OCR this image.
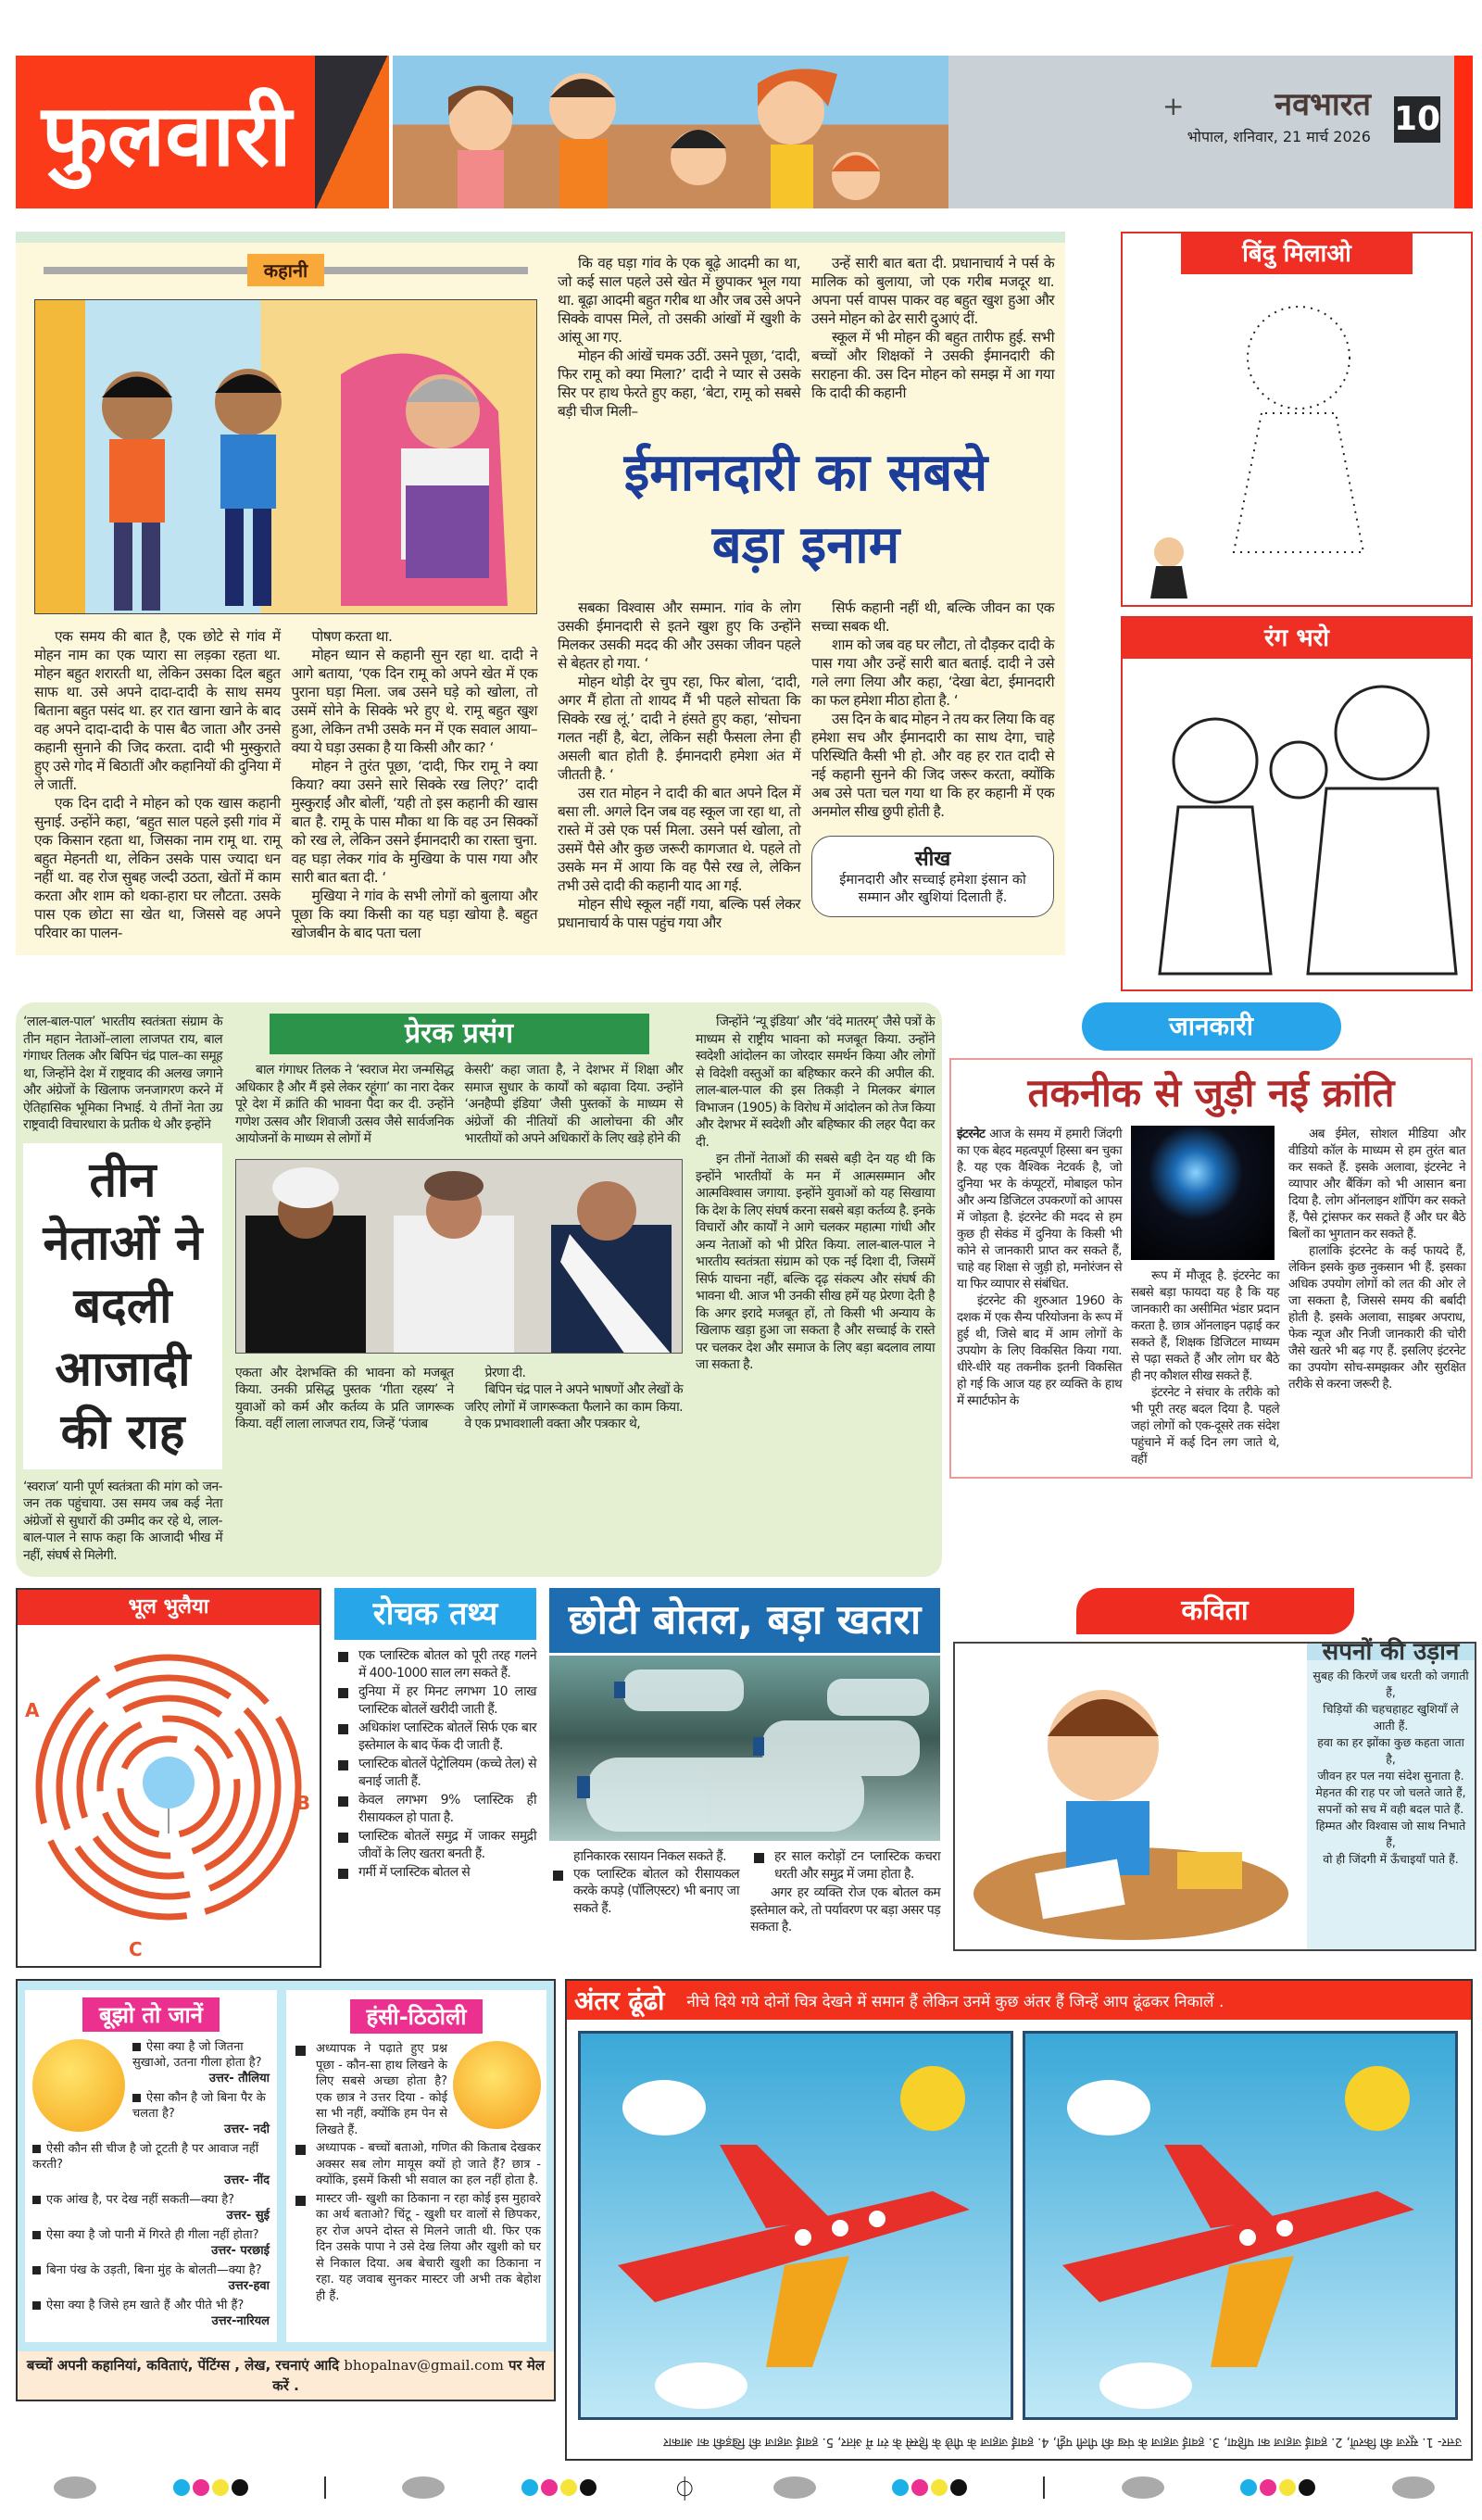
फुलवारी	+	नवभारत
भोपाल, शनिवार, 21 मार्च 2026 10
कहानी

एक समय की बात है, एक छोटे से गांव में मोहन नाम का एक प्यारा सा लड़का रहता था. मोहन बहुत शरारती था, लेकिन उसका दिल बहुत साफ था. उसे अपने दादा-दादी के साथ समय बिताना बहुत पसंद था. हर रात खाना खाने के बाद वह अपने दादा-दादी के पास बैठ जाता और उनसे कहानी सुनाने की जिद करता. दादी भी मुस्कुराते हुए उसे गोद में बिठातीं और कहानियों की दुनिया में ले जातीं.

एक दिन दादी ने मोहन को एक खास कहानी सुनाई. उन्होंने कहा, ‘बहुत साल पहले इसी गांव में एक किसान रहता था, जिसका नाम रामू था. रामू बहुत मेहनती था, लेकिन उसके पास ज्यादा धन नहीं था. वह रोज सुबह जल्दी उठता, खेतों में काम करता और शाम को थका-हारा घर लौटता. उसके पास एक छोटा सा खेत था, जिससे वह अपने परिवार का पालन-

पोषण करता था.

मोहन ध्यान से कहानी सुन रहा था. दादी ने आगे बताया, ‘एक दिन रामू को अपने खेत में एक पुराना घड़ा मिला. जब उसने घड़े को खोला, तो उसमें सोने के सिक्के भरे हुए थे. रामू बहुत खुश हुआ, लेकिन तभी उसके मन में एक सवाल आया–क्या ये घड़ा उसका है या किसी और का? ‘

मोहन ने तुरंत पूछा, ‘दादी, फिर रामू ने क्या किया? क्या उसने सारे सिक्के रख लिए?’ दादी मुस्कुराईं और बोलीं, ‘यही तो इस कहानी की खास बात है. रामू के पास मौका था कि वह उन सिक्कों को रख ले, लेकिन उसने ईमानदारी का रास्ता चुना. वह घड़ा लेकर गांव के मुखिया के पास गया और सारी बात बता दी. ‘

मुखिया ने गांव के सभी लोगों को बुलाया और पूछा कि क्या किसी का यह घड़ा खोया है. बहुत खोजबीन के बाद पता चला

कि वह घड़ा गांव के एक बूढ़े आदमी का था, जो कई साल पहले उसे खेत में छुपाकर भूल गया था. बूढ़ा आदमी बहुत गरीब था और जब उसे अपने सिक्के वापस मिले, तो उसकी आंखों में खुशी के आंसू आ गए.

मोहन की आंखें चमक उठीं. उसने पूछा, ‘दादी, फिर रामू को क्या मिला?’ दादी ने प्यार से उसके सिर पर हाथ फेरते हुए कहा, ‘बेटा, रामू को सबसे बड़ी चीज मिली–

उन्हें सारी बात बता दी. प्रधानाचार्य ने पर्स के मालिक को बुलाया, जो एक गरीब मजदूर था. अपना पर्स वापस पाकर वह बहुत खुश हुआ और उसने मोहन को ढेर सारी दुआएं दीं.

स्कूल में भी मोहन की बहुत तारीफ हुई. सभी बच्चों और शिक्षकों ने उसकी ईमानदारी की सराहना की. उस दिन मोहन को समझ में आ गया कि दादी की कहानी

ईमानदारी का सबसे
बड़ा इनाम

सबका विश्वास और सम्मान. गांव के लोग उसकी ईमानदारी से इतने खुश हुए कि उन्होंने मिलकर उसकी मदद की और उसका जीवन पहले से बेहतर हो गया. ‘

मोहन थोड़ी देर चुप रहा, फिर बोला, ‘दादी, अगर मैं होता तो शायद मैं भी पहले सोचता कि सिक्के रख लूं.’ दादी ने हंसते हुए कहा, ‘सोचना गलत नहीं है, बेटा, लेकिन सही फैसला लेना ही असली बात होती है. ईमानदारी हमेशा अंत में जीतती है. ‘

उस रात मोहन ने दादी की बात अपने दिल में बसा ली. अगले दिन जब वह स्कूल जा रहा था, तो रास्ते में उसे एक पर्स मिला. उसने पर्स खोला, तो उसमें पैसे और कुछ जरूरी कागजात थे. पहले तो उसके मन में आया कि वह पैसे रख ले, लेकिन तभी उसे दादी की कहानी याद आ गई.

मोहन सीधे स्कूल नहीं गया, बल्कि पर्स लेकर प्रधानाचार्य के पास पहुंच गया और

सिर्फ कहानी नहीं थी, बल्कि जीवन का एक सच्चा सबक थी.

शाम को जब वह घर लौटा, तो दौड़कर दादी के पास गया और उन्हें सारी बात बताई. दादी ने उसे गले लगा लिया और कहा, ‘देखा बेटा, ईमानदारी का फल हमेशा मीठा होता है. ‘

उस दिन के बाद मोहन ने तय कर लिया कि वह हमेशा सच और ईमानदारी का साथ देगा, चाहे परिस्थिति कैसी भी हो. और वह हर रात दादी से नई कहानी सुनने की जिद जरूर करता, क्योंकि अब उसे पता चल गया था कि हर कहानी में एक अनमोल सीख छुपी होती है.

सीख

ईमानदारी और सच्चाई हमेशा इंसान को सम्मान और खुशियां दिलाती हैं.

बिंदु मिलाओ
रंग भरो

‘लाल-बाल-पाल’ भारतीय स्वतंत्रता संग्राम के तीन महान नेताओं–लाला लाजपत राय, बाल गंगाधर तिलक और बिपिन चंद्र पाल–का समूह था, जिन्होंने देश में राष्ट्रवाद की अलख जगाने और अंग्रेजों के खिलाफ जनजागरण करने में ऐतिहासिक भूमिका निभाई. ये तीनों नेता उग्र राष्ट्रवादी विचारधारा के प्रतीक थे और इन्होंने

तीन नेताओं ने बदली आजादी की राह

‘स्वराज’ यानी पूर्ण स्वतंत्रता की मांग को जन-जन तक पहुंचाया. उस समय जब कई नेता अंग्रेजों से सुधारों की उम्मीद कर रहे थे, लाल-बाल-पाल ने साफ कहा कि आजादी भीख में नहीं, संघर्ष से मिलेगी.

प्रेरक प्रसंग

बाल गंगाधर तिलक ने ‘स्वराज मेरा जन्मसिद्ध अधिकार है और मैं इसे लेकर रहूंगा’ का नारा देकर पूरे देश में क्रांति की भावना पैदा कर दी. उन्होंने गणेश उत्सव और शिवाजी उत्सव जैसे सार्वजनिक आयोजनों के माध्यम से लोगों में

केसरी’ कहा जाता है, ने देशभर में शिक्षा और समाज सुधार के कार्यों को बढ़ावा दिया. उन्होंने ‘अनहैप्पी इंडिया’ जैसी पुस्तकों के माध्यम से अंग्रेजों की नीतियों की आलोचना की और भारतीयों को अपने अधिकारों के लिए खड़े होने की

एकता और देशभक्ति की भावना को मजबूत किया. उनकी प्रसिद्ध पुस्तक ‘गीता रहस्य’ ने युवाओं को कर्म और कर्तव्य के प्रति जागरूक किया. वहीं लाला लाजपत राय, जिन्हें ‘पंजाब

प्रेरणा दी.

बिपिन चंद्र पाल ने अपने भाषणों और लेखों के जरिए लोगों में जागरूकता फैलाने का काम किया. वे एक प्रभावशाली वक्ता और पत्रकार थे,

जिन्होंने ‘न्यू इंडिया’ और ‘वंदे मातरम्’ जैसे पत्रों के माध्यम से राष्ट्रीय भावना को मजबूत किया. उन्होंने स्वदेशी आंदोलन का जोरदार समर्थन किया और लोगों से विदेशी वस्तुओं का बहिष्कार करने की अपील की. लाल-बाल-पाल की इस तिकड़ी ने मिलकर बंगाल विभाजन (1905) के विरोध में आंदोलन को तेज किया और देशभर में स्वदेशी और बहिष्कार की लहर पैदा कर दी.

इन तीनों नेताओं की सबसे बड़ी देन यह थी कि इन्होंने भारतीयों के मन में आत्मसम्मान और आत्मविश्वास जगाया. इन्होंने युवाओं को यह सिखाया कि देश के लिए संघर्ष करना सबसे बड़ा कर्तव्य है. इनके विचारों और कार्यों ने आगे चलकर महात्मा गांधी और अन्य नेताओं को भी प्रेरित किया. लाल-बाल-पाल ने भारतीय स्वतंत्रता संग्राम को एक नई दिशा दी, जिसमें सिर्फ याचना नहीं, बल्कि दृढ़ संकल्प और संघर्ष की भावना थी. आज भी उनकी सीख हमें यह प्रेरणा देती है कि अगर इरादे मजबूत हों, तो किसी भी अन्याय के खिलाफ खड़ा हुआ जा सकता है और सच्चाई के रास्ते पर चलकर देश और समाज के लिए बड़ा बदलाव लाया जा सकता है.

जानकारी
तकनीक से जुड़ी नई क्रांति
इंटरनेट आज के समय में हमारी जिंदगी का एक बेहद महत्वपूर्ण हिस्सा बन चुका है. यह एक वैश्विक नेटवर्क है, जो दुनिया भर के कंप्यूटरों, मोबाइल फोन और अन्य डिजिटल उपकरणों को आपस में जोड़ता है. इंटरनेट की मदद से हम कुछ ही सेकंड में दुनिया के किसी भी कोने से जानकारी प्राप्त कर सकते हैं, चाहे वह शिक्षा से जुड़ी हो, मनोरंजन से या फिर व्यापार से संबंधित.

इंटरनेट की शुरुआत 1960 के दशक में एक सैन्य परियोजना के रूप में हुई थी, जिसे बाद में आम लोगों के उपयोग के लिए विकसित किया गया. धीरे-धीरे यह तकनीक इतनी विकसित हो गई कि आज यह हर व्यक्ति के हाथ में स्मार्टफोन के

रूप में मौजूद है. इंटरनेट का सबसे बड़ा फायदा यह है कि यह जानकारी का असीमित भंडार प्रदान करता है. छात्र ऑनलाइन पढ़ाई कर सकते हैं, शिक्षक डिजिटल माध्यम से पढ़ा सकते हैं और लोग घर बैठे ही नए कौशल सीख सकते हैं.

इंटरनेट ने संचार के तरीके को भी पूरी तरह बदल दिया है. पहले जहां लोगों को एक-दूसरे तक संदेश पहुंचाने में कई दिन लग जाते थे, वहीं

अब ईमेल, सोशल मीडिया और वीडियो कॉल के माध्यम से हम तुरंत बात कर सकते हैं. इसके अलावा, इंटरनेट ने व्यापार और बैंकिंग को भी आसान बना दिया है. लोग ऑनलाइन शॉपिंग कर सकते हैं, पैसे ट्रांसफर कर सकते हैं और घर बैठे बिलों का भुगतान कर सकते हैं.

हालांकि इंटरनेट के कई फायदे हैं, लेकिन इसके कुछ नुकसान भी हैं. इसका अधिक उपयोग लोगों को लत की ओर ले जा सकता है, जिससे समय की बर्बादी होती है. इसके अलावा, साइबर अपराध, फेक न्यूज और निजी जानकारी की चोरी जैसे खतरे भी बढ़ गए हैं. इसलिए इंटरनेट का उपयोग सोच-समझकर और सुरक्षित तरीके से करना जरूरी है.

भूल भुलैया
A
B
C
रोचक तथ्य
एक प्लास्टिक बोतल को पूरी तरह गलने में 400-1000 साल लग सकते हैं.
दुनिया में हर मिनट लगभग 10 लाख प्लास्टिक बोतलें खरीदी जाती हैं.
अधिकांश प्लास्टिक बोतलें सिर्फ एक बार इस्तेमाल के बाद फेंक दी जाती हैं.
प्लास्टिक बोतलें पेट्रोलियम (कच्चे तेल) से बनाई जाती हैं.
केवल लगभग 9% प्लास्टिक ही रीसायकल हो पाता है.
प्लास्टिक बोतलें समुद्र में जाकर समुद्री जीवों के लिए खतरा बनती हैं.
गर्मी में प्लास्टिक बोतल से
छोटी बोतल, बड़ा खतरा

हानिकारक रसायन निकल सकते हैं.

एक प्लास्टिक बोतल को रीसायकल करके कपड़े (पॉलिएस्टर) भी बनाए जा सकते हैं.
हर साल करोड़ों टन प्लास्टिक कचरा धरती और समुद्र में जमा होता है.

अगर हर व्यक्ति रोज एक बोतल कम इस्तेमाल करे, तो पर्यावरण पर बड़ा असर पड़ सकता है.

कविता
सपनों की उड़ान
सुबह की किरणें जब धरती को जगाती हैं,
चिड़ियों की चहचहाहट खुशियाँ ले आती हैं.
हवा का हर झोंका कुछ कहता जाता है,
जीवन हर पल नया संदेश सुनाता है.
मेहनत की राह पर जो चलते जाते हैं,
सपनों को सच में वही बदल पाते हैं.
हिम्मत और विश्वास जो साथ निभाते हैं,
वो ही जिंदगी में ऊँचाइयाँ पाते हैं.
बूझो तो जानें
ऐसा क्या है जो जितना सुखाओ, उतना गीला होता है?
उत्तर- तौलिया
ऐसा कौन है जो बिना पैर के चलता है?
उत्तर- नदी
ऐसी कौन सी चीज है जो टूटती है पर आवाज नहीं करती?
उत्तर- नींद
एक आंख है, पर देख नहीं सकती—क्या है?
उत्तर- सुई
ऐसा क्या है जो पानी में गिरते ही गीला नहीं होता?
उत्तर- परछाई
बिना पंख के उड़ती, बिना मुंह के बोलती—क्या है?
उत्तर-हवा
ऐसा क्या है जिसे हम खाते हैं और पीते भी हैं?
उत्तर-नारियल
हंसी-ठिठोली
अध्यापक ने पढ़ाते हुए प्रश्न पूछा - कौन-सा हाथ लिखने के लिए सबसे अच्छा होता है? एक छात्र ने उत्तर दिया - कोई सा भी नहीं, क्योंकि हम पेन से लिखते हैं.
अध्यापक - बच्चों बताओ, गणित की किताब देखकर अक्सर सब लोग मायूस क्यों हो जाते हैं? छात्र - क्योंकि, इसमें किसी भी सवाल का हल नहीं होता है.
मास्टर जी- खुशी का ठिकाना न रहा कोई इस मुहावरे का अर्थ बताओ? चिंटू - खुशी घर वालों से छिपकर, हर रोज अपने दोस्त से मिलने जाती थी. फिर एक दिन उसके पापा ने उसे देख लिया और खुशी को घर से निकाल दिया. अब बेचारी खुशी का ठिकाना न रहा. यह जवाब सुनकर मास्टर जी अभी तक बेहोश ही हैं.
बच्चों अपनी कहानियां, कविताएं, पेंटिंग्स , लेख, रचनाएं आदि bhopalnav@gmail.com पर मेल करें .
अंतर ढूंढो नीचे दिये गये दोनों चित्र देखने में समान हैं लेकिन उनमें कुछ अंतर हैं जिन्हें आप ढूंढकर निकालें .
उत्तर- 1. सूरज की किरणें, 2. हवाई जहाज का पहिया, 3. हवाई जहाज के पंख की पीली पट्टी, 4. हवाई जहाज के पीछे के हिस्से के रंग में अंतर, 5. हवाई जहाज की खिड़की का आकार
⏀
